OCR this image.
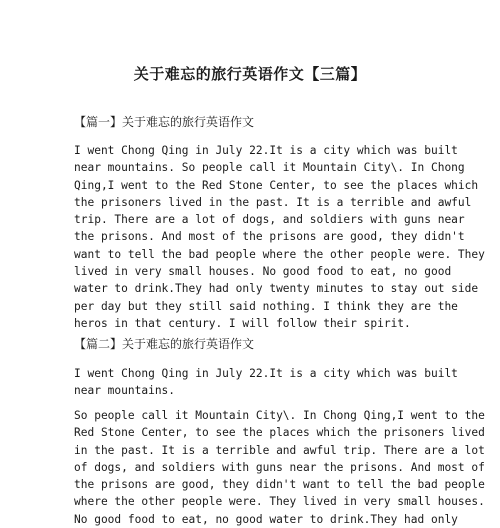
关于难忘的旅行英语作文【三篇】
【篇一】关于难忘的旅行英语作文
I went Chong Qing in July 22.It is a city which was built
near mountains. So people call it Mountain City\. In Chong
Qing,I went to the Red Stone Center, to see the places which
the prisoners lived in the past. It is a terrible and awful
trip. There are a lot of dogs, and soldiers with guns near
the prisons. And most of the prisons are good, they didn't
want to tell the bad people where the other people were. They
lived in very small houses. No good food to eat, no good
water to drink.They had only twenty minutes to stay out side
per day but they still said nothing. I think they are the
heros in that century. I will follow their spirit.
【篇二】关于难忘的旅行英语作文
I went Chong Qing in July 22.It is a city which was built
near mountains.
So people call it Mountain City\. In Chong Qing,I went to the
Red Stone Center, to see the places which the prisoners lived
in the past. It is a terrible and awful trip. There are a lot
of dogs, and soldiers with guns near the prisons. And most of
the prisons are good, they didn't want to tell the bad people
where the other people were. They lived in very small houses.
No good food to eat, no good water to drink.They had only
